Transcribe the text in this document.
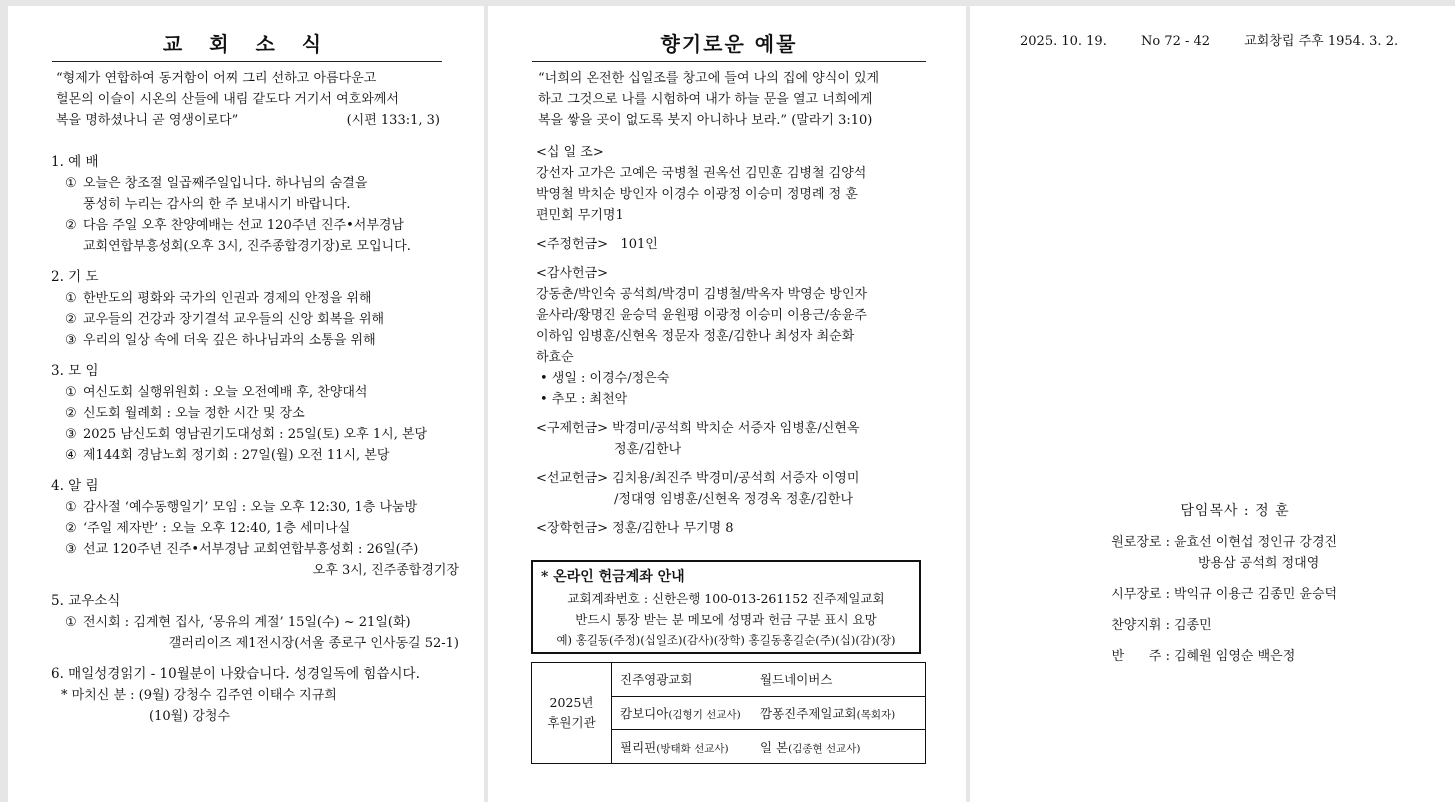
교 회 소 식
“형제가 연합하여 동거함이 어찌 그리 선하고 아름다운고
헐몬의 이슬이 시온의 산들에 내림 같도다 거기서 여호와께서
복을 명하셨나니 곧 영생이로다”	(시편 133:1, 3)
1. 예 배
① 오늘은 창조절 일곱째주일입니다. 하나님의 숨결을
풍성히 누리는 감사의 한 주 보내시기 바랍니다.
② 다음 주일 오후 찬양예배는 선교 120주년 진주•서부경남
교회연합부흥성회(오후 3시, 진주종합경기장)로 모입니다.
2. 기 도
① 한반도의 평화와 국가의 인권과 경제의 안정을 위해
② 교우들의 건강과 장기결석 교우들의 신앙 회복을 위해
③ 우리의 일상 속에 더욱 깊은 하나님과의 소통을 위해
3. 모 임
① 여신도회 실행위원회 : 오늘 오전예배 후, 찬양대석
② 신도회 월례회 : 오늘 정한 시간 및 장소
③ 2025 남신도회 영남권기도대성회 : 25일(토) 오후 1시, 본당
④ 제144회 경남노회 정기회 : 27일(월) 오전 11시, 본당
4. 알 림
① 감사절 ‘예수동행일기’ 모임 : 오늘 오후 12:30, 1층 나눔방
② ‘주일 제자반’ : 오늘 오후 12:40, 1층 세미나실
③ 선교 120주년 진주•서부경남 교회연합부흥성회 : 26일(주)
오후 3시, 진주종합경기장
5. 교우소식
① 전시회 : 김계현 집사, ‘몽유의 계절’ 15일(수) ~ 21일(화)
갤러리이즈 제1전시장(서울 종로구 인사동길 52-1)
6. 매일성경읽기 - 10월분이 나왔습니다. 성경일독에 힘씁시다.
* 마치신 분 : (9월) 강청수 김주연 이태수 지규희
(10월) 강청수
향기로운 예물
“너희의 온전한 십일조를 창고에 들여 나의 집에 양식이 있게
하고 그것으로 나를 시험하여 내가 하늘 문을 열고 너희에게
복을 쌓을 곳이 없도록 붓지 아니하나 보라.” (말라기 3:10)
<십 일 조>
강선자 고가은 고예은 국병철 권옥선 김민훈 김병철 김양석
박영철 박치순 방인자 이경수 이광정 이승미 정명례 정 훈
편민회 무기명1
<주정헌금> 101인
<감사헌금>
강동춘/박인숙 공석희/박경미 김병철/박옥자 박영순 방인자
윤사라/황명진 윤승덕 윤원평 이광정 이승미 이용근/송윤주
이하임 임병훈/신현옥 정문자 정훈/김한나 최성자 최순화
하효순
• 생일 : 이경수/정은숙
• 추모 : 최천악
<구제헌금> 박경미/공석희 박치순 서증자 임병훈/신현옥
정훈/김한나
<선교헌금> 김치용/최진주 박경미/공석희 서증자 이영미
/정대영 임병훈/신현옥 정경옥 정훈/김한나
<장학헌금> 정훈/김한나 무기명 8
* 온라인 헌금계좌 안내
교회계좌번호 : 신한은행 100-013-261152 진주제일교회
반드시 통장 받는 분 메모에 성명과 헌금 구분 표시 요망
예) 홍길동(주정)(십일조)(감사)(장학) 홍길동홍길순(주)(십)(감)(장)
2025년
후원기관
	진주영광교회	월드네이버스
캄보디아(김형기 선교사) 깜퐁진주제일교회(목회자)
필리핀(방태화 선교사)	일 본(김종현 선교사)
2025. 10. 19.	No 72 - 42	교회창립 주후 1954. 3. 2.
담임목사 : 정 훈
원로장로 : 윤효선 이현섭 정인규 강경진
방용삼 공석희 정대영
시무장로 : 박익규 이용근 김종민 윤승덕
찬양지휘 : 김종민
반      주 : 김혜원 임영순 백은정
